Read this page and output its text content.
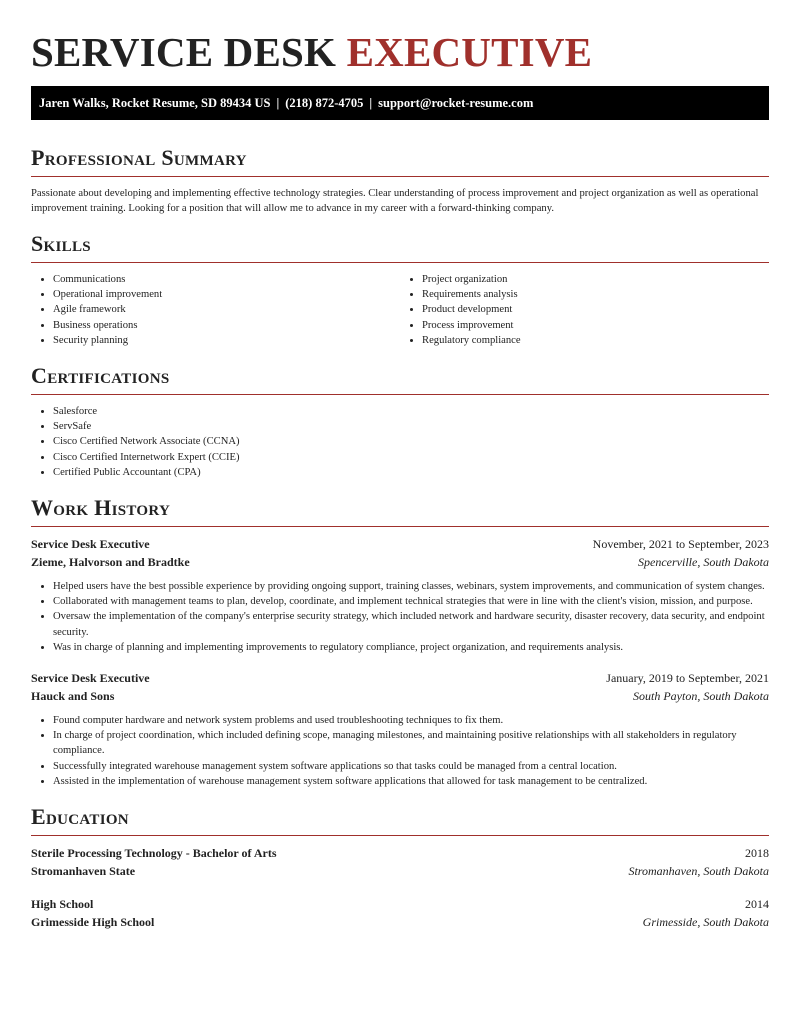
SERVICE DESK EXECUTIVE
Jaren Walks, Rocket Resume, SD 89434 US | (218) 872-4705 | support@rocket-resume.com
Professional Summary

Passionate about developing and implementing effective technology strategies. Clear understanding of process improvement and project organization as well as operational improvement training. Looking for a position that will allow me to advance in my career with a forward-thinking company.

Skills
• Communications
• Operational improvement
• Agile framework
• Business operations
• Security planning
• Project organization
• Requirements analysis
• Product development
• Process improvement
• Regulatory compliance
Certifications
• Salesforce
• ServSafe
• Cisco Certified Network Associate (CCNA)
• Cisco Certified Internetwork Expert (CCIE)
• Certified Public Accountant (CPA)
Work History
Service Desk Executive	November, 2021 to September, 2023
Zieme, Halvorson and Bradtke	Spencerville, South Dakota
• Helped users have the best possible experience by providing ongoing support, training classes, webinars, system improvements, and communication of system changes.
• Collaborated with management teams to plan, develop, coordinate, and implement technical strategies that were in line with the client's vision, mission, and purpose.
• Oversaw the implementation of the company's enterprise security strategy, which included network and hardware security, disaster recovery, data security, and endpoint security.
• Was in charge of planning and implementing improvements to regulatory compliance, project organization, and requirements analysis.
Service Desk Executive	January, 2019 to September, 2021
Hauck and Sons	South Payton, South Dakota
• Found computer hardware and network system problems and used troubleshooting techniques to fix them.
• In charge of project coordination, which included defining scope, managing milestones, and maintaining positive relationships with all stakeholders in regulatory compliance.
• Successfully integrated warehouse management system software applications so that tasks could be managed from a central location.
• Assisted in the implementation of warehouse management system software applications that allowed for task management to be centralized.
Education
Sterile Processing Technology - Bachelor of Arts	2018
Stromanhaven State	Stromanhaven, South Dakota
High School	2014
Grimesside High School	Grimesside, South Dakota
